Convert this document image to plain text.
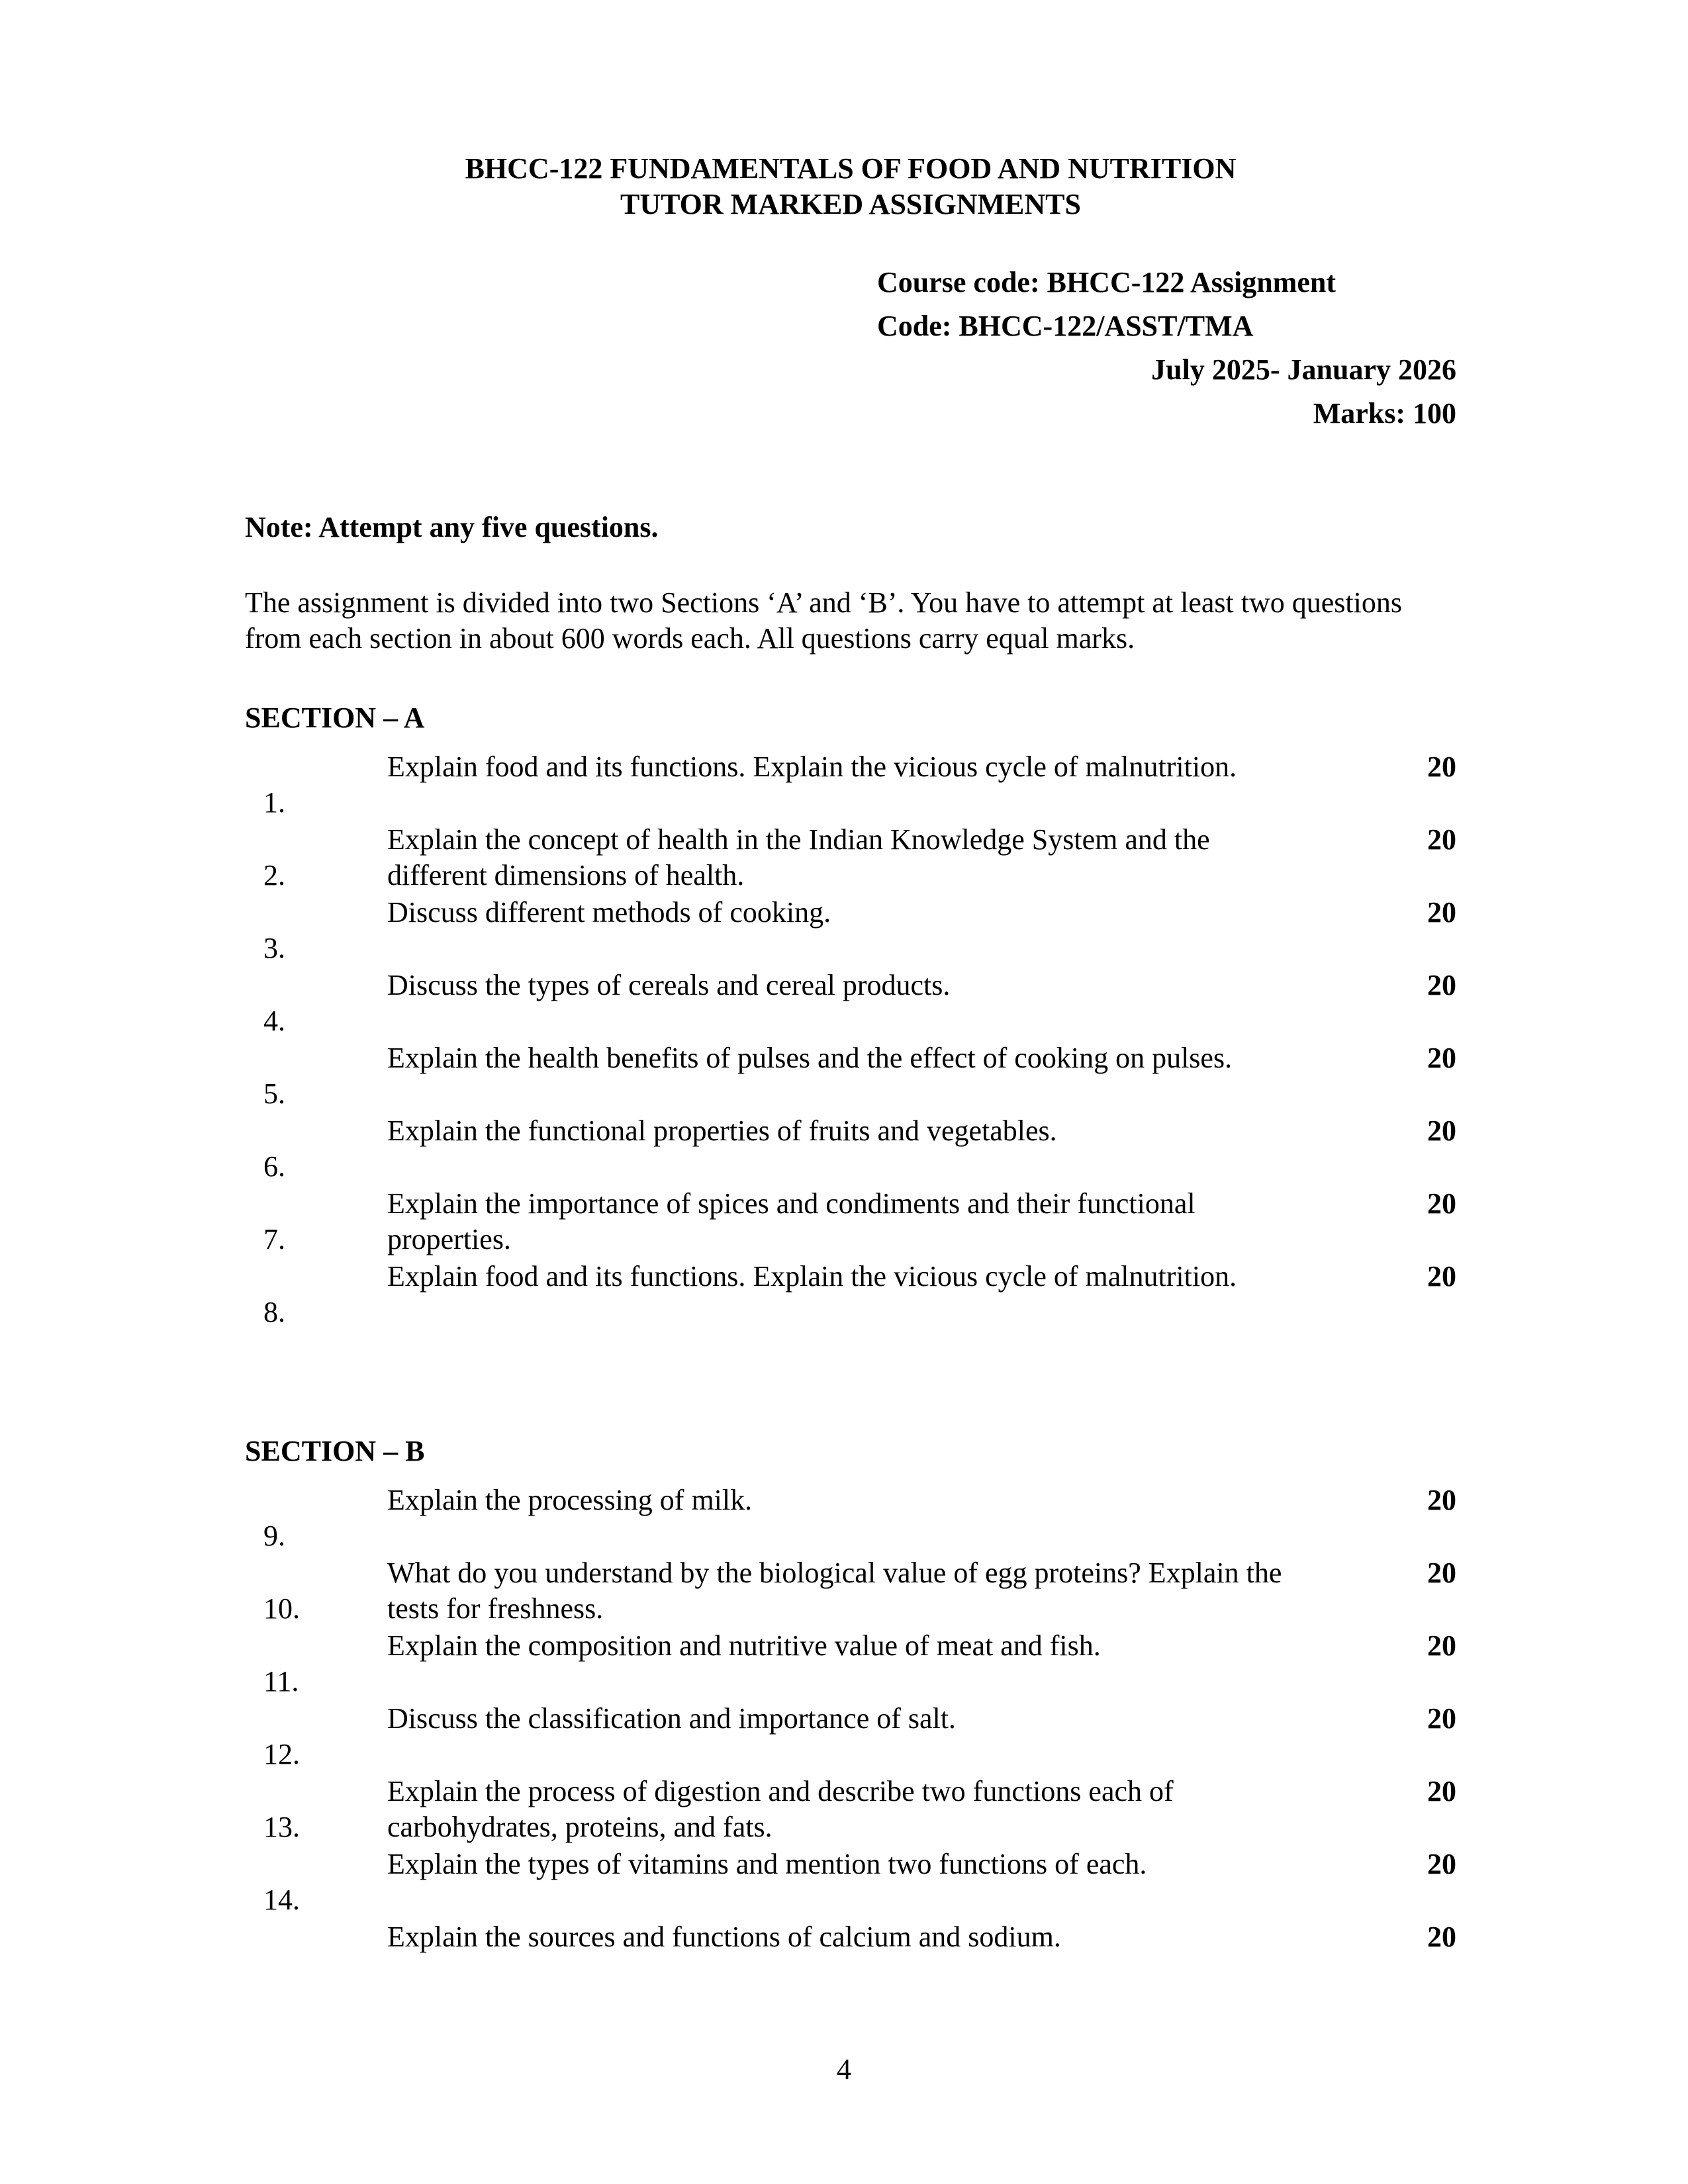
BHCC-122 FUNDAMENTALS OF FOOD AND NUTRITION
TUTOR MARKED ASSIGNMENTS
Course code: BHCC-122 Assignment
Code: BHCC-122/ASST/TMA
July 2025- January 2026
Marks: 100

Note: Attempt any five questions.

The assignment is divided into two Sections ‘A’ and ‘B’. You have to attempt at least two questions from each section in about 600 words each. All questions carry equal marks.

SECTION – A
1.
Explain food and its functions. Explain the vicious cycle of malnutrition.	20
2.
Explain the concept of health in the Indian Knowledge System and the different dimensions of health.
20
3.
Discuss different methods of cooking.	20
4.
Discuss the types of cereals and cereal products.	20
5.
Explain the health benefits of pulses and the effect of cooking on pulses.	20
6.
Explain the functional properties of fruits and vegetables.	20
7.
Explain the importance of spices and condiments and their functional properties.
20
8.
Explain food and its functions. Explain the vicious cycle of malnutrition.	20
SECTION – B
9.
Explain the processing of milk.	20
10.
What do you understand by the biological value of egg proteins? Explain the tests for freshness.
20
11.
Explain the composition and nutritive value of meat and fish.	20
12.
Discuss the classification and importance of salt.	20
13.
Explain the process of digestion and describe two functions each of carbohydrates, proteins, and fats.
20
14.
Explain the types of vitamins and mention two functions of each.	20
Explain the sources and functions of calcium and sodium.	20
4
